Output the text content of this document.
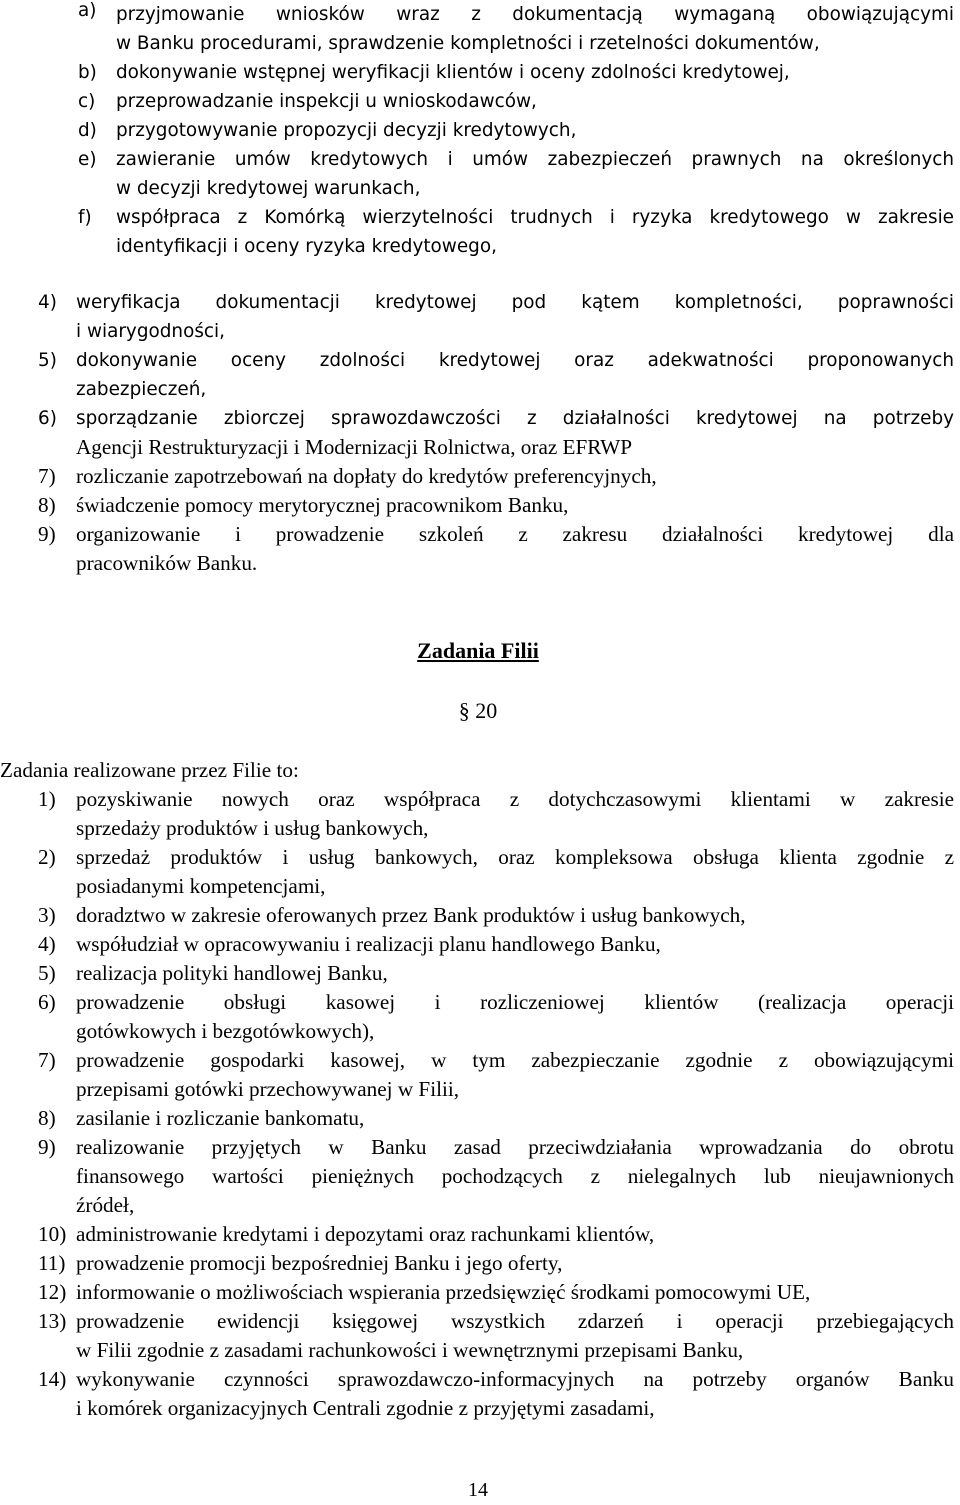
a) przyjmowanie wniosków wraz z dokumentacją wymaganą obowiązującymi
w Banku procedurami, sprawdzenie kompletności i rzetelności dokumentów,
b) dokonywanie wstępnej weryfikacji klientów i oceny zdolności kredytowej,
c) przeprowadzanie inspekcji u wnioskodawców,
d) przygotowywanie propozycji decyzji kredytowych,
e) zawieranie umów kredytowych i umów zabezpieczeń prawnych na określonych
w decyzji kredytowej warunkach,
f) współpraca z Komórką wierzytelności trudnych i ryzyka kredytowego w zakresie
identyfikacji i oceny ryzyka kredytowego,
4) weryfikacja dokumentacji kredytowej pod kątem kompletności, poprawności
i wiarygodności,
5) dokonywanie oceny zdolności kredytowej oraz adekwatności proponowanych
zabezpieczeń,
6) sporządzanie zbiorczej sprawozdawczości z działalności kredytowej na potrzeby
Agencji Restrukturyzacji i Modernizacji Rolnictwa, oraz EFRWP
7) rozliczanie zapotrzebowań na dopłaty do kredytów preferencyjnych,
8) świadczenie pomocy merytorycznej pracownikom Banku,
9) organizowanie i prowadzenie szkoleń z zakresu działalności kredytowej dla
pracowników Banku.
Zadania Filii
§ 20
Zadania realizowane przez Filie to:
1) pozyskiwanie nowych oraz współpraca z dotychczasowymi klientami w zakresie
sprzedaży produktów i usług bankowych,
2) sprzedaż produktów i usług bankowych, oraz kompleksowa obsługa klienta zgodnie z
posiadanymi kompetencjami,
3) doradztwo w zakresie oferowanych przez Bank produktów i usług bankowych,
4) współudział w opracowywaniu i realizacji planu handlowego Banku,
5) realizacja polityki handlowej Banku,
6) prowadzenie obsługi kasowej i rozliczeniowej klientów (realizacja operacji
gotówkowych i bezgotówkowych),
7) prowadzenie gospodarki kasowej, w tym zabezpieczanie zgodnie z obowiązującymi
przepisami gotówki przechowywanej w Filii,
8) zasilanie i rozliczanie bankomatu,
9) realizowanie przyjętych w Banku zasad przeciwdziałania wprowadzania do obrotu
finansowego wartości pieniężnych pochodzących z nielegalnych lub nieujawnionych
źródeł,
10) administrowanie kredytami i depozytami oraz rachunkami klientów,
11) prowadzenie promocji bezpośredniej Banku i jego oferty,
12) informowanie o możliwościach wspierania przedsięwzięć środkami pomocowymi UE,
13) prowadzenie ewidencji księgowej wszystkich zdarzeń i operacji przebiegających
w Filii zgodnie z zasadami rachunkowości i wewnętrznymi przepisami Banku,
14) wykonywanie czynności sprawozdawczo-informacyjnych na potrzeby organów Banku
i komórek organizacyjnych Centrali zgodnie z przyjętymi zasadami,
14
